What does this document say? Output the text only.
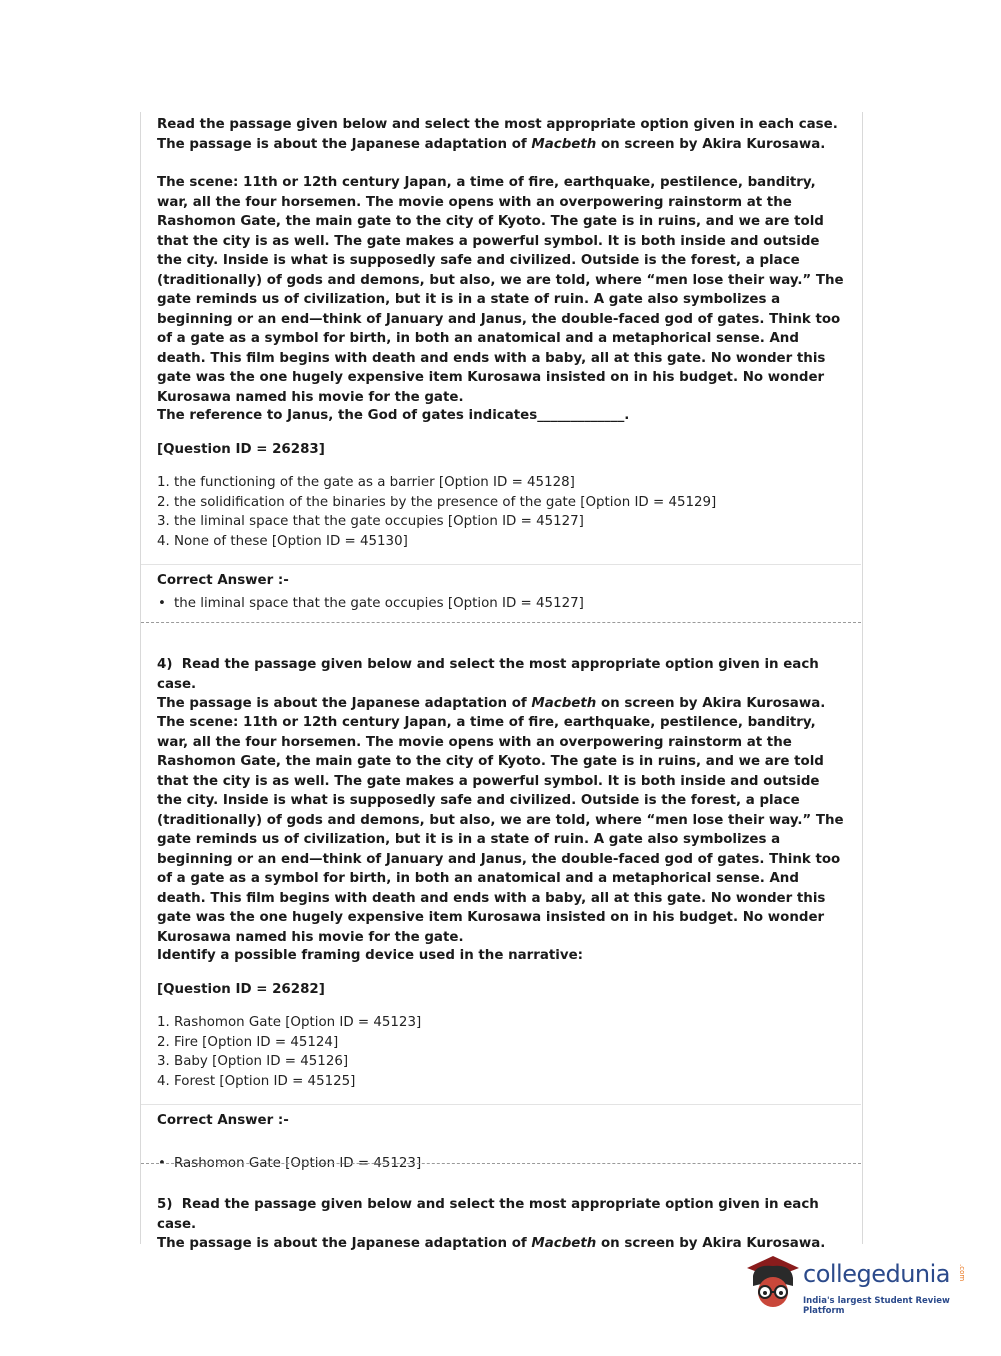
Read the passage given below and select the most appropriate option given in each case.
The passage is about the Japanese adaptation of Macbeth on screen by Akira Kurosawa.
The scene: 11th or 12th century Japan, a time of fire, earthquake, pestilence, banditry, war, all the four horsemen. The movie opens with an overpowering rainstorm at the Rashomon Gate, the main gate to the city of Kyoto. The gate is in ruins, and we are told that the city is as well. The gate makes a powerful symbol. It is both inside and outside the city. Inside is what is supposedly safe and civilized. Outside is the forest, a place (traditionally) of gods and demons, but also, we are told, where “men lose their way.” The gate reminds us of civilization, but it is in a state of ruin. A gate also symbolizes a beginning or an end—think of January and Janus, the double-faced god of gates. Think too of a gate as a symbol for birth, in both an anatomical and a metaphorical sense. And death. This film begins with death and ends with a baby, all at this gate. No wonder this gate was the one hugely expensive item Kurosawa insisted on in his budget. No wonder Kurosawa named his movie for the gate.
The reference to Janus, the God of gates indicates_____________.
[Question ID = 26283]
1. the functioning of the gate as a barrier [Option ID = 45128]
2. the solidification of the binaries by the presence of the gate [Option ID = 45129]
3. the liminal space that the gate occupies [Option ID = 45127]
4. None of these [Option ID = 45130]
Correct Answer :-
• the liminal space that the gate occupies [Option ID = 45127]
4) Read the passage given below and select the most appropriate option given in each case.
The passage is about the Japanese adaptation of Macbeth on screen by Akira Kurosawa.
The scene: 11th or 12th century Japan, a time of fire, earthquake, pestilence, banditry, war, all the four horsemen. The movie opens with an overpowering rainstorm at the Rashomon Gate, the main gate to the city of Kyoto. The gate is in ruins, and we are told that the city is as well. The gate makes a powerful symbol. It is both inside and outside the city. Inside is what is supposedly safe and civilized. Outside is the forest, a place (traditionally) of gods and demons, but also, we are told, where “men lose their way.” The gate reminds us of civilization, but it is in a state of ruin. A gate also symbolizes a beginning or an end—think of January and Janus, the double-faced god of gates. Think too of a gate as a symbol for birth, in both an anatomical and a metaphorical sense. And death. This film begins with death and ends with a baby, all at this gate. No wonder this gate was the one hugely expensive item Kurosawa insisted on in his budget. No wonder Kurosawa named his movie for the gate.
Identify a possible framing device used in the narrative:
[Question ID = 26282]
1. Rashomon Gate [Option ID = 45123]
2. Fire [Option ID = 45124]
3. Baby [Option ID = 45126]
4. Forest [Option ID = 45125]
Correct Answer :-
• Rashomon Gate [Option ID = 45123]
5) Read the passage given below and select the most appropriate option given in each case.
The passage is about the Japanese adaptation of Macbeth on screen by Akira Kurosawa.
collegedunia .com
India's largest Student Review Platform
